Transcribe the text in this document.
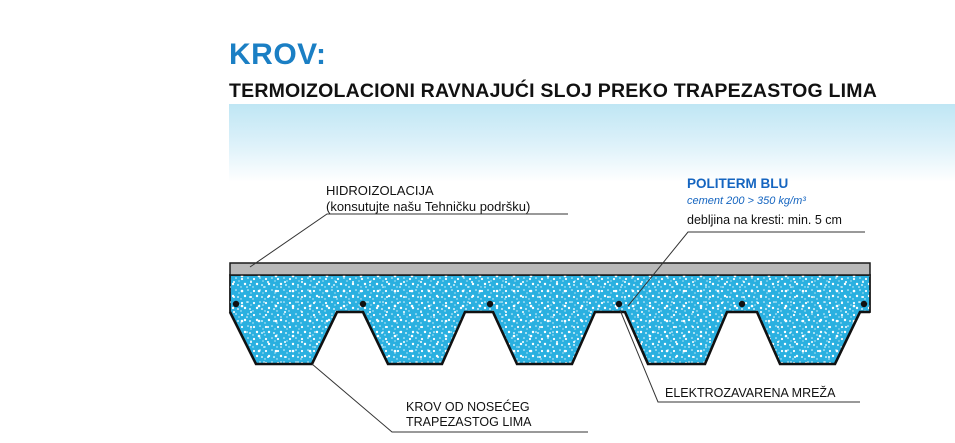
KROV:
TERMOIZOLACIONI RAVNAJUĆI SLOJ PREKO TRAPEZASTOG LIMA
HIDROIZOLACIJA
(konsutujte našu Tehničku podršku)
POLITERM BLU
cement 200 > 350 kg/m³
debljina na kresti: min. 5 cm
ELEKTROZAVARENA MREŽA
KROV OD NOSEĆEG
TRAPEZASTOG LIMA
